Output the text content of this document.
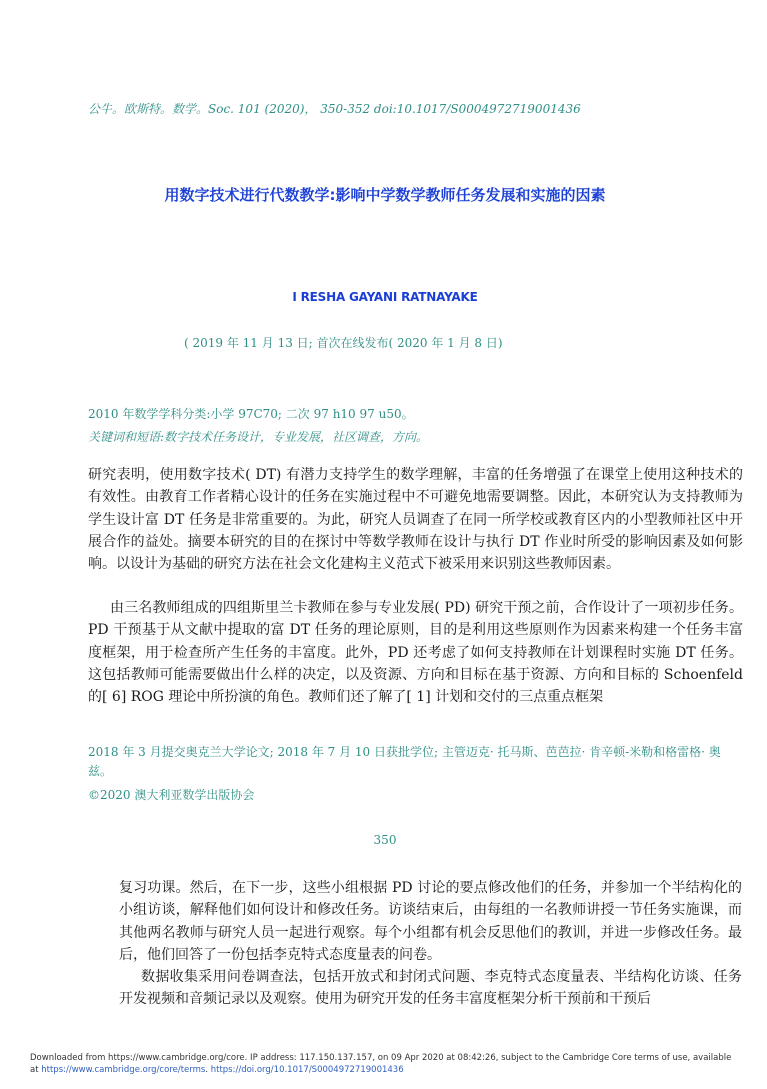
公牛。欧斯特。数学。Soc. 101 (2020)， 350-352 doi:10.1017/S0004972719001436
用数字技术进行代数教学:影响中学数学教师任务发展和实施的因素
I RESHA GAYANI RATNAYAKE
( 2019 年 11 月 13 日; 首次在线发布( 2020 年 1 月 8 日)
2010 年数学学科分类:小学 97C70; 二次 97 h10 97 u50。
关键词和短语:数字技术任务设计，专业发展，社区调查，方向。

研究表明，使用数字技术( DT) 有潜力支持学生的数学理解，丰富的任务增强了在课堂上使用这种技术的有效性。由教育工作者精心设计的任务在实施过程中不可避免地需要调整。因此，本研究认为支持教师为学生设计富 DT 任务是非常重要的。为此，研究人员调查了在同一所学校或教育区内的小型教师社区中开展合作的益处。摘要本研究的目的在探讨中等数学教师在设计与执行 DT 作业时所受的影响因素及如何影响。以设计为基础的研究方法在社会文化建构主义范式下被采用来识别这些教师因素。

由三名教师组成的四组斯里兰卡教师在参与专业发展( PD) 研究干预之前，合作设计了一项初步任务。PD 干预基于从文献中提取的富 DT 任务的理论原则，目的是利用这些原则作为因素来构建一个任务丰富度框架，用于检查所产生任务的丰富度。此外，PD 还考虑了如何支持教师在计划课程时实施 DT 任务。这包括教师可能需要做出什么样的决定，以及资源、方向和目标在基于资源、方向和目标的 Schoenfeld 的[ 6] ROG 理论中所扮演的角色。教师们还了解了[ 1] 计划和交付的三点重点框架

2018 年 3 月提交奥克兰大学论文; 2018 年 7 月 10 日获批学位; 主管迈克· 托马斯、芭芭拉· 肯辛顿-米勒和格雷格· 奥兹。
©2020 澳大利亚数学出版协会
350

复习功课。然后，在下一步，这些小组根据 PD 讨论的要点修改他们的任务，并参加一个半结构化的小组访谈，解释他们如何设计和修改任务。访谈结束后，由每组的一名教师讲授一节任务实施课，而其他两名教师与研究人员一起进行观察。每个小组都有机会反思他们的教训，并进一步修改任务。最后，他们回答了一份包括李克特式态度量表的问卷。

数据收集采用问卷调查法，包括开放式和封闭式问题、李克特式态度量表、半结构化访谈、任务开发视频和音频记录以及观察。使用为研究开发的任务丰富度框架分析干预前和干预后

Downloaded from https://www.cambridge.org/core. IP address: 117.150.137.157, on 09 Apr 2020 at 08:42:26, subject to the Cambridge Core terms of use, available
at https://www.cambridge.org/core/terms. https://doi.org/10.1017/S0004972719001436
